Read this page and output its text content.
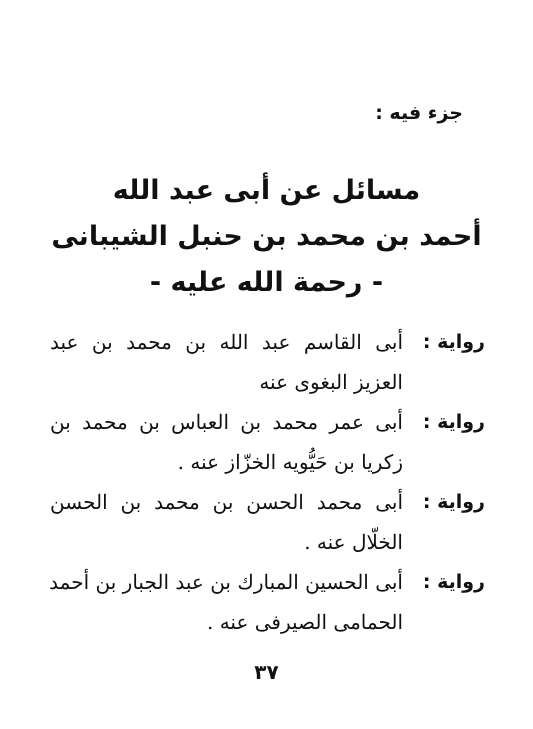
جزء فيه :
مسائل عن أبى عبد الله
أحمد بن محمد بن حنبل الشيبانى
- رحمة الله عليه -
رواية :
أبى القاسم عبد الله بن محمد بن عبد
العزيز البغوى عنه
رواية :
أبى عمر محمد بن العباس بن محمد بن
زكريا بن حَيُّويه الخزّاز عنه .
رواية :
أبى محمد الحسن بن محمد بن الحسن
الخلّال عنه .
رواية :
أبى الحسين المبارك بن عبد الجبار بن أحمد
الحمامى الصيرفى عنه .
٣٧
